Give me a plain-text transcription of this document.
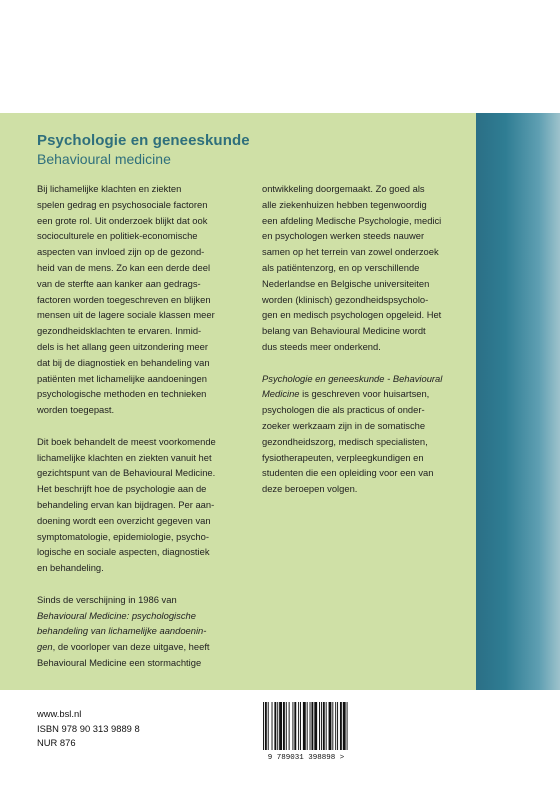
Psychologie en geneeskunde
Behavioural medicine

Bij lichamelijke klachten en ziekten
spelen gedrag en psychosociale factoren
een grote rol. Uit onderzoek blijkt dat ook
socioculturele en politiek-economische
aspecten van invloed zijn op de gezond-
heid van de mens. Zo kan een derde deel
van de sterfte aan kanker aan gedrags-
factoren worden toegeschreven en blijken
mensen uit de lagere sociale klassen meer
gezondheidsklachten te ervaren. Inmid-
dels is het allang geen uitzondering meer
dat bij de diagnostiek en behandeling van
patiënten met lichamelijke aandoeningen
psychologische methoden en technieken
worden toegepast.

Dit boek behandelt de meest voorkomende
lichamelijke klachten en ziekten vanuit het
gezichtspunt van de Behavioural Medicine.
Het beschrijft hoe de psychologie aan de
behandeling ervan kan bijdragen. Per aan-
doening wordt een overzicht gegeven van
symptomatologie, epidemiologie, psycho-
logische en sociale aspecten, diagnostiek
en behandeling.

Sinds de verschijning in 1986 van
Behavioural Medicine: psychologische
behandeling van lichamelijke aandoenin-
gen, de voorloper van deze uitgave, heeft
Behavioural Medicine een stormachtige

ontwikkeling doorgemaakt. Zo goed als
alle ziekenhuizen hebben tegenwoordig
een afdeling Medische Psychologie, medici
en psychologen werken steeds nauwer
samen op het terrein van zowel onderzoek
als patiëntenzorg, en op verschillende
Nederlandse en Belgische universiteiten
worden (klinisch) gezondheidspsycholo-
gen en medisch psychologen opgeleid. Het
belang van Behavioural Medicine wordt
dus steeds meer onderkend.

Psychologie en geneeskunde - Behavioural
Medicine is geschreven voor huisartsen,
psychologen die als practicus of onder-
zoeker werkzaam zijn in de somatische
gezondheidszorg, medisch specialisten,
fysiotherapeuten, verpleegkundigen en
studenten die een opleiding voor een van
deze beroepen volgen.

www.bsl.nl
ISBN 978 90 313 9889 8
NUR 876
9 789031 398898 >
